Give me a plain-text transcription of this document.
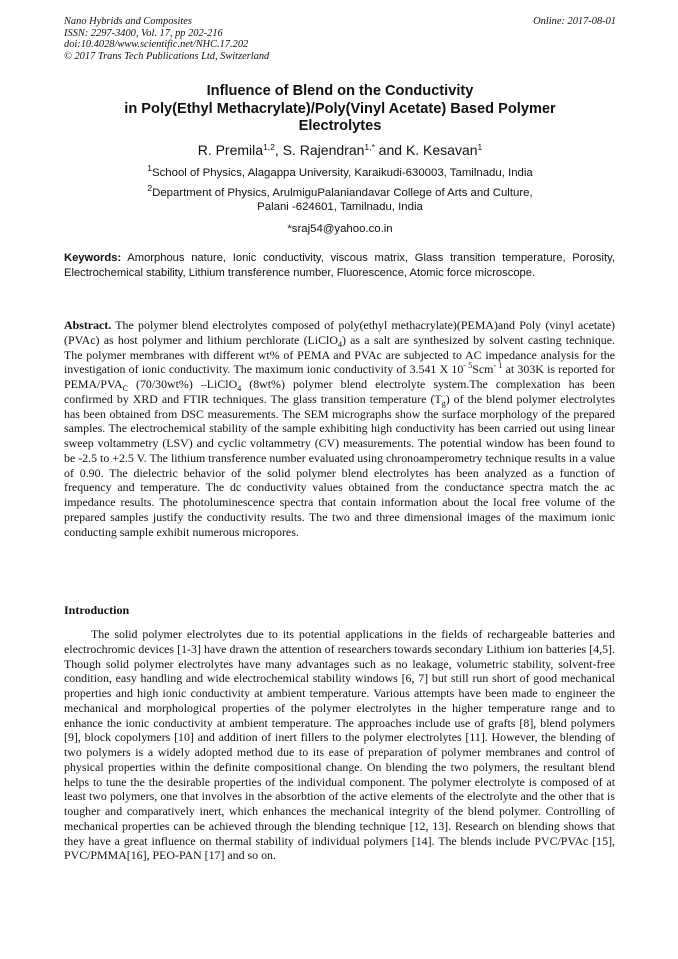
Nano Hybrids and Composites
ISSN: 2297-3400, Vol. 17, pp 202-216
doi:10.4028/www.scientific.net/NHC.17.202
© 2017 Trans Tech Publications Ltd, Switzerland
Online: 2017-08-01
Influence of Blend on the Conductivity
in Poly(Ethyl Methacrylate)/Poly(Vinyl Acetate) Based Polymer
Electrolytes
R. Premila$^{1,2}$, S. Rajendran$^{1,*}$ and K. Kesavan$^1$
$^1$School of Physics, Alagappa University, Karaikudi-630003, Tamilnadu, India
$^2$Department of Physics, ArulmiguPalaniandavar College of Arts and Culture,
Palani -624601, Tamilnadu, India
*sraj54@yahoo.co.in
Keywords: Amorphous nature, Ionic conductivity, viscous matrix, Glass transition temperature, Porosity, Electrochemical stability, Lithium transference number, Fluorescence, Atomic force microscope.
Abstract. The polymer blend electrolytes composed of poly(ethyl methacrylate)(PEMA)and Poly (vinyl acetate)(PVAc) as host polymer and lithium perchlorate (LiClO$_4$) as a salt are synthesized by solvent casting technique. The polymer membranes with different wt% of PEMA and PVAc are subjected to AC impedance analysis for the investigation of ionic conductivity. The maximum ionic conductivity of 3.541 X $10^{- 5}Scm^{- 1}$ at 303K is reported for PEMA/$PVA_C$ (70/30wt%) –LiClO$_4$ (8wt%) polymer blend electrolyte system.The complexation has been confirmed by XRD and FTIR techniques. The glass transition temperature $(T_g)$ of the blend polymer electrolytes has been obtained from DSC measurements. The SEM micrographs show the surface morphology of the prepared samples. The electrochemical stability of the sample exhibiting high conductivity has been carried out using linear sweep voltammetry (LSV) and cyclic voltammetry (CV) measurements. The potential window has been found to be -2.5 to +2.5 V. The lithium transference number evaluated using chronoamperometry technique results in a value of 0.90. The dielectric behavior of the solid polymer blend electrolytes has been analyzed as a function of frequency and temperature. The dc conductivity values obtained from the conductance spectra match the ac impedance results. The photoluminescence spectra that contain information about the local free volume of the prepared samples justify the conductivity results. The two and three dimensional images of the maximum ionic conducting sample exhibit numerous micropores.
Introduction

The solid polymer electrolytes due to its potential applications in the fields of rechargeable batteries and electrochromic devices [1-3] have drawn the attention of researchers towards secondary Lithium ion batteries [4,5]. Though solid polymer electrolytes have many advantages such as no leakage, volumetric stability, solvent-free condition, easy handling and wide electrochemical stability windows [6, 7] but still run short of good mechanical properties and high ionic conductivity at ambient temperature. Various attempts have been made to engineer the mechanical and morphological properties of the polymer electrolytes in the higher temperature range and to enhance the ionic conductivity at ambient temperature. The approaches include use of grafts [8], blend polymers [9], block copolymers [10] and addition of inert fillers to the polymer electrolytes [11]. However, the blending of two polymers is a widely adopted method due to its ease of preparation of polymer membranes and control of physical properties within the definite compositional change. On blending the two polymers, the resultant blend helps to tune the the desirable properties of the individual component. The polymer electrolyte is composed of at least two polymers, one that involves in the absorbtion of the active elements of the electrolyte and the other that is tougher and comparatively inert, which enhances the mechanical integrity of the blend polymer. Controlling of mechanical properties can be achieved through the blending technique [12, 13]. Research on blending shows that they have a great influence on thermal stability of individual polymers [14]. The blends include PVC/PVAc [15], PVC/PMMA[16], PEO-PAN [17] and so on.
